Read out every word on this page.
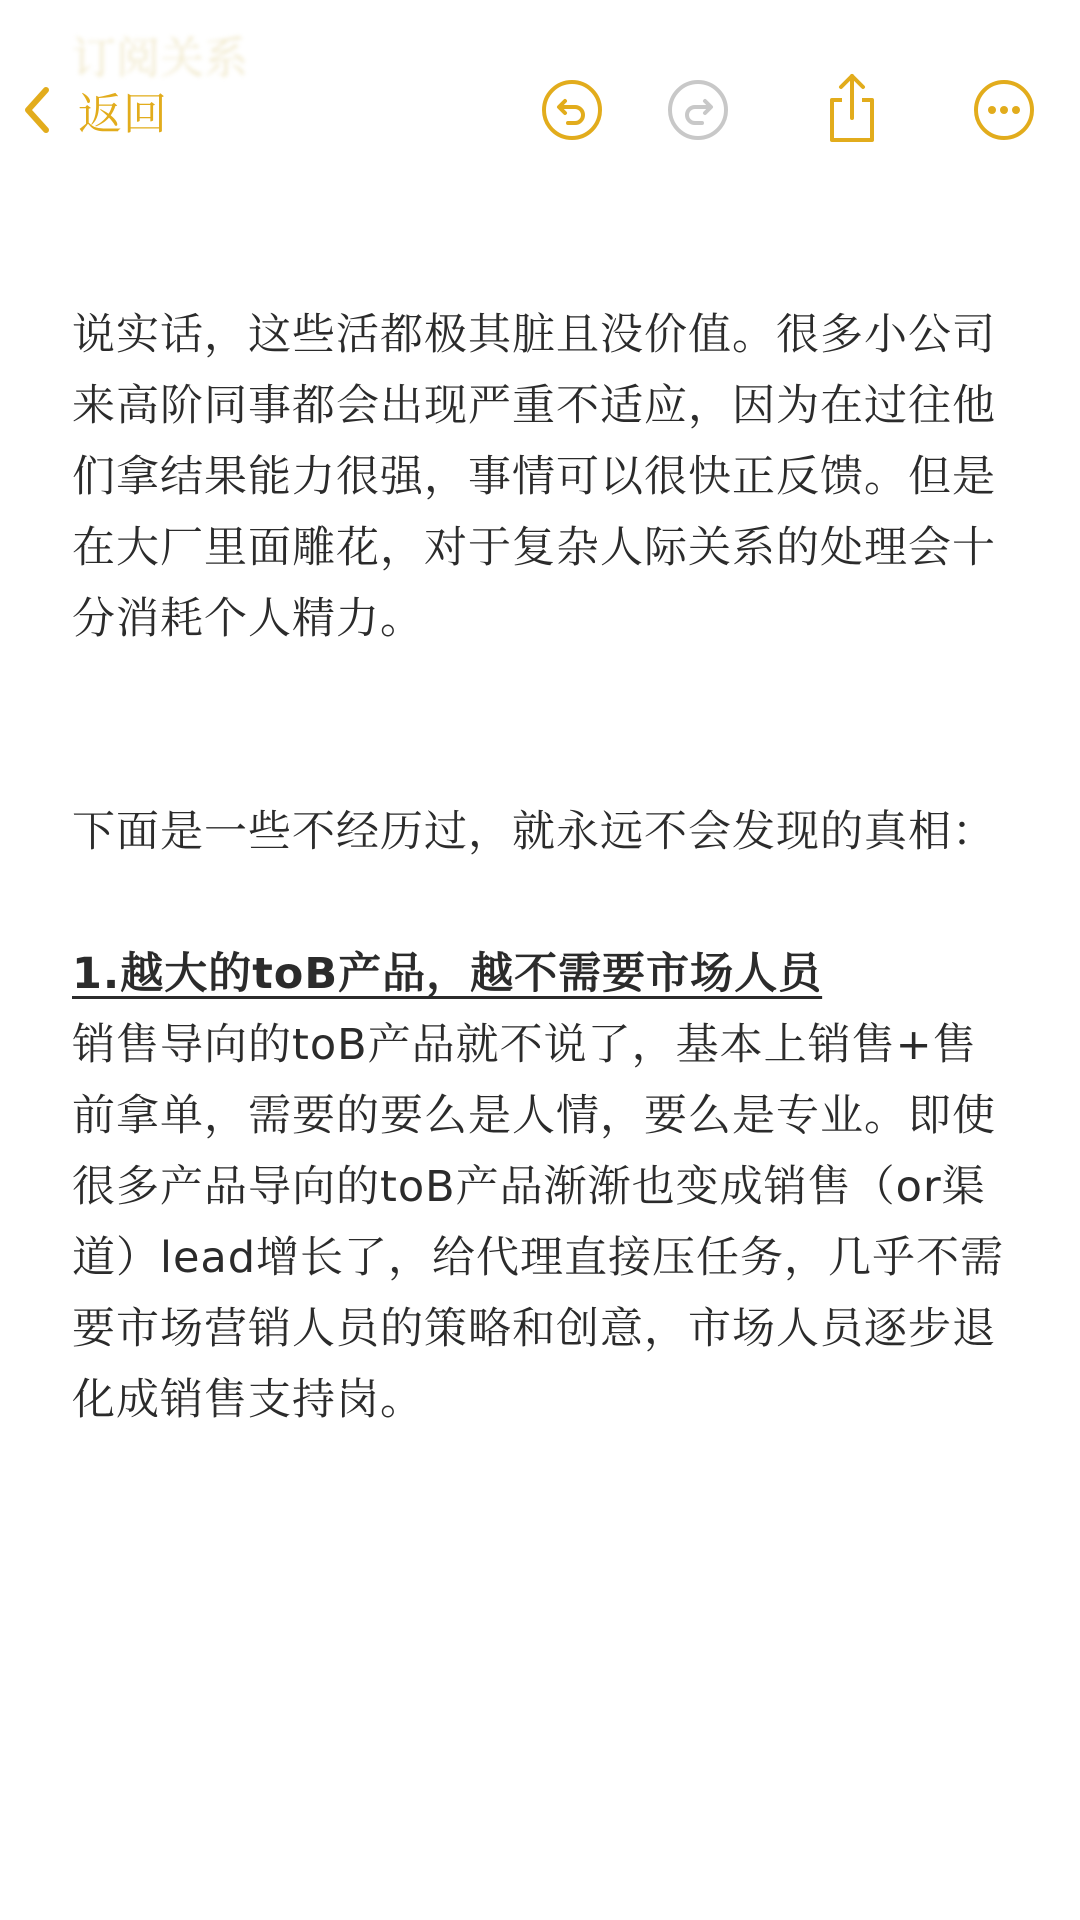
订阅关系
返回

说实话，这些活都极其脏且没价值。很多小公司来高阶同事都会出现严重不适应，因为在过往他们拿结果能力很强，事情可以很快正反馈。但是在大厂里面雕花，对于复杂人际关系的处理会十分消耗个人精力。

下面是一些不经历过，就永远不会发现的真相：

1.越大的toB产品，越不需要市场人员

销售导向的toB产品就不说了，基本上销售+售前拿单，需要的要么是人情，要么是专业。即使很多产品导向的toB产品渐渐也变成销售（or渠道）lead增长了，给代理直接压任务，几乎不需要市场营销人员的策略和创意，市场人员逐步退化成销售支持岗。
